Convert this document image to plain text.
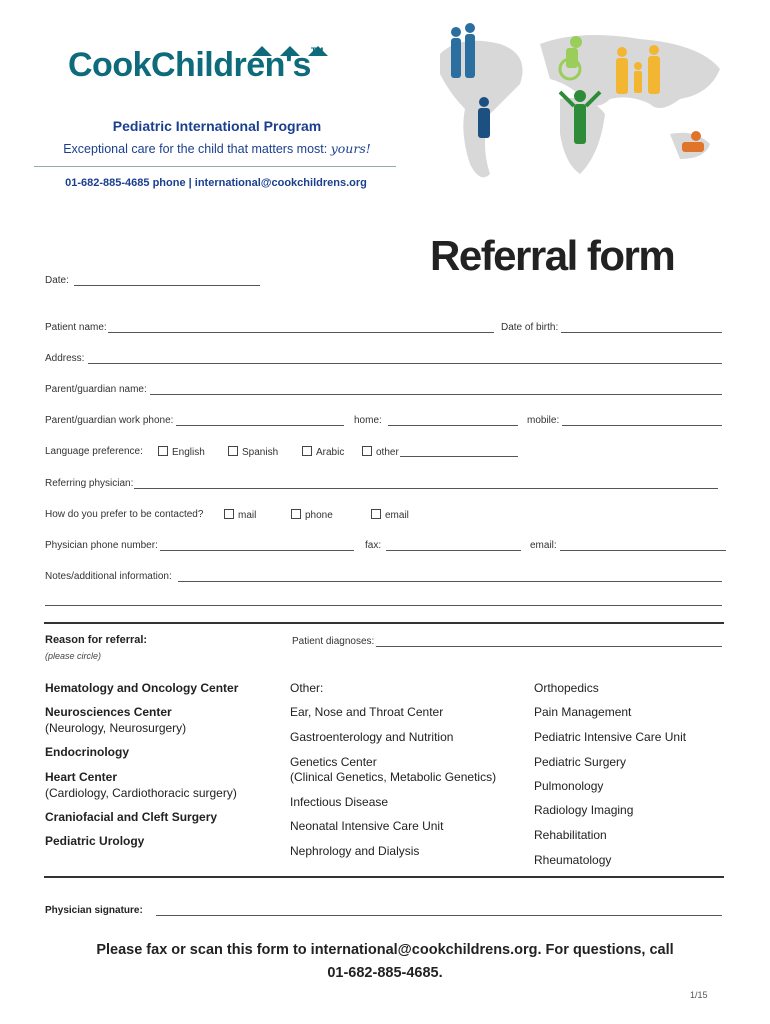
CookChildren's™
Pediatric International Program
Exceptional care for the child that matters most: yours!
01-682-885-4685 phone | international@cookchildrens.org
Referral form
Date:
Patient name:	Date of birth:
Address:
Parent/guardian name:
Parent/guardian work phone:	home:	mobile:
Language preference:	English	Spanish	Arabic	other
Referring physician:
How do you prefer to be contacted?	mail	phone	email
Physician phone number:	fax:	email:
Notes/additional information:
Reason for referral:
(please circle)
Patient diagnoses:
Hematology and Oncology Center
Neurosciences Center
(Neurology, Neurosurgery)
Endocrinology
Heart Center
(Cardiology, Cardiothoracic surgery)
Craniofacial and Cleft Surgery
Pediatric Urology
Other:
Ear, Nose and Throat Center
Gastroenterology and Nutrition
Genetics Center
(Clinical Genetics, Metabolic Genetics)
Infectious Disease
Neonatal Intensive Care Unit
Nephrology and Dialysis
Orthopedics
Pain Management
Pediatric Intensive Care Unit
Pediatric Surgery
Pulmonology
Radiology Imaging
Rehabilitation
Rheumatology
Physician signature:
Please fax or scan this form to international@cookchildrens.org. For questions, call
01-682-885-4685.
1/15
